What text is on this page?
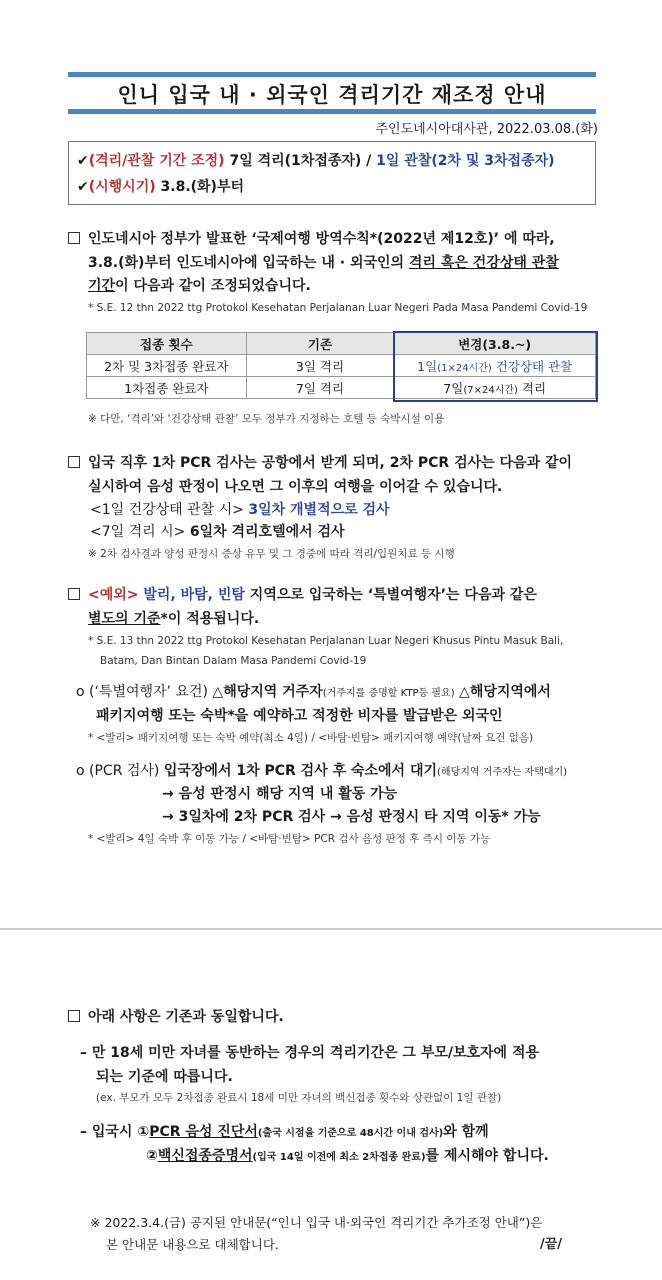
인니 입국 내 · 외국인 격리기간 재조정 안내
주인도네시아대사관, 2022.03.08.(화)
✔(격리/관찰 기간 조정) 7일 격리(1차접종자) / 1일 관찰(2차 및 3차접종자)
✔(시행시기) 3.8.(화)부터
인도네시아 정부가 발표한 ‘국제여행 방역수칙*(2022년 제12호)’ 에 따라,
3.8.(화)부터 인도네시아에 입국하는 내 · 외국인의 격리 혹은 건강상태 관찰
기간이 다음과 같이 조정되었습니다.
* S.E. 12 thn 2022 ttg Protokol Kesehatan Perjalanan Luar Negeri Pada Masa Pandemi Covid-19
접종 횟수	기존	변경(3.8.~)
2차 및 3차접종 완료자	3일 격리	1일(1×24시간) 건강상태 관찰
1차접종 완료자	7일 격리	7일(7×24시간) 격리
※ 다만, ‘격리’와 ‘건강상태 관찰’ 모두 정부가 지정하는 호텔 등 숙박시설 이용
입국 직후 1차 PCR 검사는 공항에서 받게 되며, 2차 PCR 검사는 다음과 같이
실시하여 음성 판정이 나오면 그 이후의 여행을 이어갈 수 있습니다.
<1일 건강상태 관찰 시> 3일차 개별적으로 검사
<7일 격리 시> 6일차 격리호텔에서 검사
※ 2차 검사결과 양성 판정시 증상 유무 및 그 경중에 따라 격리/입원치료 등 시행
<예외> 발리, 바탐, 빈탐 지역으로 입국하는 ‘특별여행자’는 다음과 같은
별도의 기준*이 적용됩니다.
* S.E. 13 thn 2022 ttg Protokol Kesehatan Perjalanan Luar Negeri Khusus Pintu Masuk Bali,
Batam, Dan Bintan Dalam Masa Pandemi Covid-19
o (‘특별여행자’ 요건) △해당지역 거주자(거주지를 증명할 KTP등 필요) △해당지역에서
패키지여행 또는 숙박*을 예약하고 적정한 비자를 발급받은 외국인
* <발리> 패키지여행 또는 숙박 예약(최소 4일) / <바탐·빈탐> 패키지여행 예약(날짜 요건 없음)
o (PCR 검사) 입국장에서 1차 PCR 검사 후 숙소에서 대기(해당지역 거주자는 자택대기)
→ 음성 판정시 해당 지역 내 활동 가능
→ 3일차에 2차 PCR 검사 → 음성 판정시 타 지역 이동* 가능
* <발리> 4일 숙박 후 이동 가능 / <바탐·빈탐> PCR 검사 음성 판정 후 즉시 이동 가능
아래 사항은 기존과 동일합니다.
– 만 18세 미만 자녀를 동반하는 경우의 격리기간은 그 부모/보호자에 적용
되는 기준에 따릅니다.
(ex. 부모가 모두 2차접종 완료시 18세 미만 자녀의 백신접종 횟수와 상관없이 1일 관찰)
– 입국시 ①PCR 음성 진단서(출국 시점을 기준으로 48시간 이내 검사)와 함께
②백신접종증명서(입국 14일 이전에 최소 2차접종 완료)를 제시해야 합니다.
※ 2022.3.4.(금) 공지된 안내문(“인니 입국 내·외국인 격리기간 추가조정 안내”)은
본 안내문 내용으로 대체합니다.	/끝/
